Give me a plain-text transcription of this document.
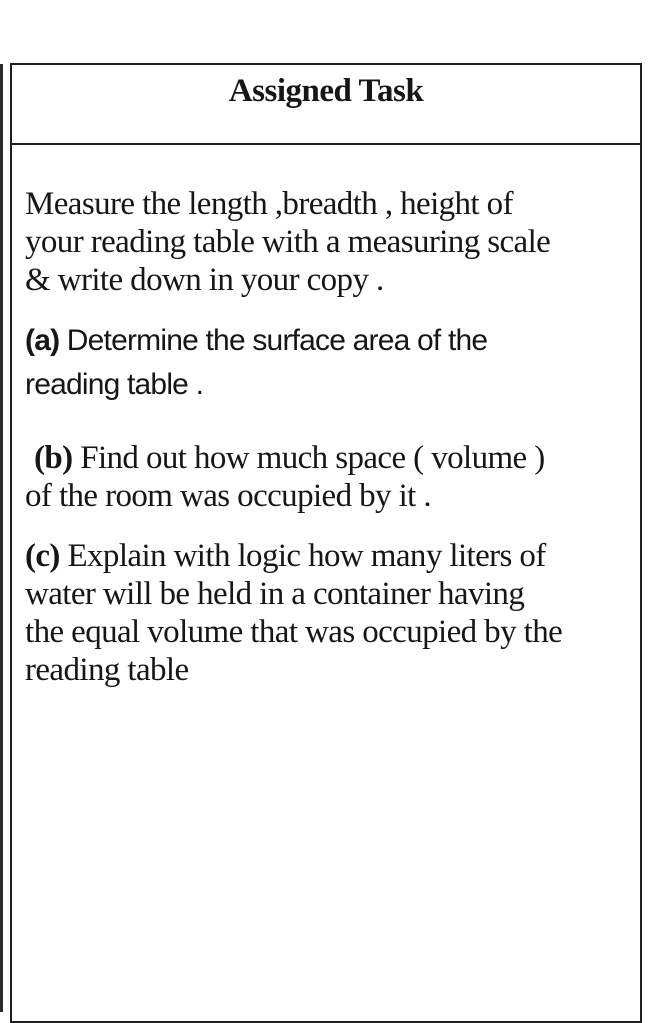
Assigned Task

Measure the length ,breadth , height of
your reading table with a measuring scale
& write down in your copy .

(a) Determine the surface area of the
reading table .

(b) Find out how much space ( volume )

of the room was occupied by it .

(c) Explain with logic how many liters of
water will be held in a container having
the equal volume that was occupied by the
reading table
